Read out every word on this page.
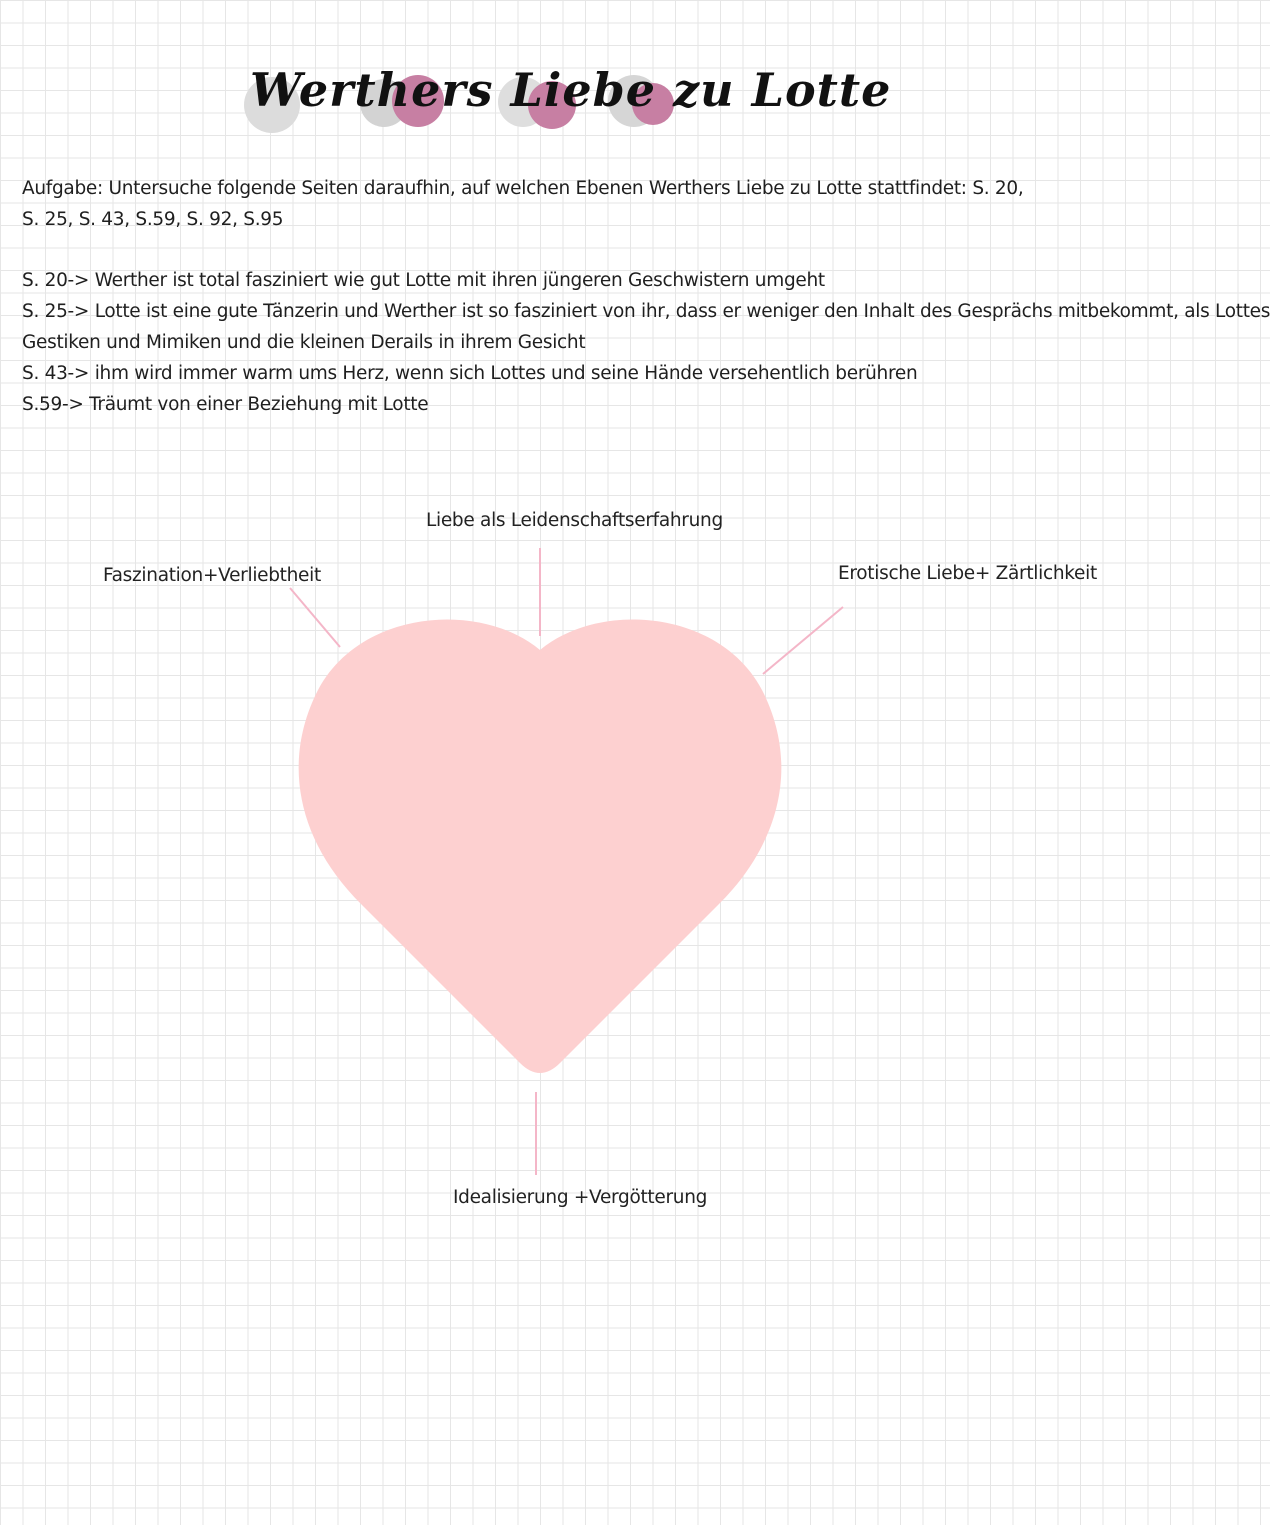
Werthers Liebe zu Lotte
Aufgabe: Untersuche folgende Seiten daraufhin, auf welchen Ebenen Werthers Liebe zu Lotte stattfindet: S. 20, S. 25, S. 43, S.59, S. 92, S.95
S. 20-> Werther ist total fasziniert wie gut Lotte mit ihren jüngeren Geschwistern umgeht
S. 25-> Lotte ist eine gute Tänzerin und Werther ist so fasziniert von ihr, dass er weniger den Inhalt des Gesprächs mitbekommt, als Lottes
Gestiken und Mimiken und die kleinen Derails in ihrem Gesicht
S. 43-> ihm wird immer warm ums Herz, wenn sich Lottes und seine Hände versehentlich berühren
S.59-> Träumt von einer Beziehung mit Lotte
Liebe als Leidenschaftserfahrung
Faszination+Verliebtheit	Erotische Liebe+ Zärtlichkeit
Idealisierung +Vergötterung
